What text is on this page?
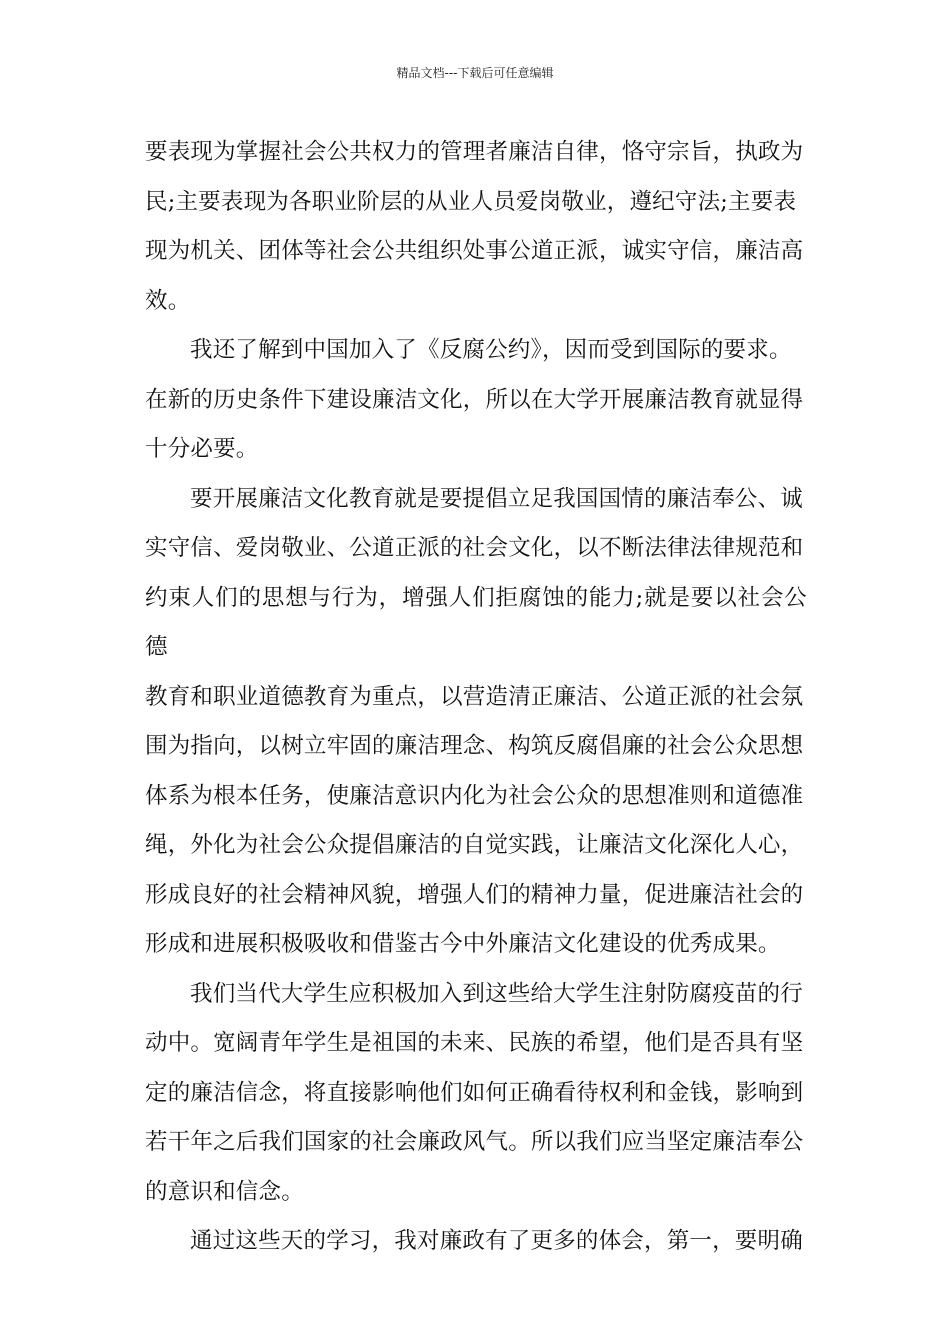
精品文档---下载后可任意编辑

要表现为掌握社会公共权力的管理者廉洁自律，恪守宗旨，执政为
民;主要表现为各职业阶层的从业人员爱岗敬业，遵纪守法;主要表
现为机关、团体等社会公共组织处事公道正派，诚实守信，廉洁高
效。

我还了解到中国加入了《反腐公约》，因而受到国际的要求。
在新的历史条件下建设廉洁文化，所以在大学开展廉洁教育就显得
十分必要。

要开展廉洁文化教育就是要提倡立足我国国情的廉洁奉公、诚
实守信、爱岗敬业、公道正派的社会文化，以不断法律法律规范和
约束人们的思想与行为，增强人们拒腐蚀的能力;就是要以社会公德
教育和职业道德教育为重点，以营造清正廉洁、公道正派的社会氛
围为指向，以树立牢固的廉洁理念、构筑反腐倡廉的社会公众思想
体系为根本任务，使廉洁意识内化为社会公众的思想准则和道德准
绳，外化为社会公众提倡廉洁的自觉实践，让廉洁文化深化人心，
形成良好的社会精神风貌，增强人们的精神力量，促进廉洁社会的
形成和进展积极吸收和借鉴古今中外廉洁文化建设的优秀成果。

我们当代大学生应积极加入到这些给大学生注射防腐疫苗的行
动中。宽阔青年学生是祖国的未来、民族的希望，他们是否具有坚
定的廉洁信念，将直接影响他们如何正确看待权利和金钱，影响到
若干年之后我们国家的社会廉政风气。所以我们应当坚定廉洁奉公
的意识和信念。

通过这些天的学习，我对廉政有了更多的体会，第一，要明确
